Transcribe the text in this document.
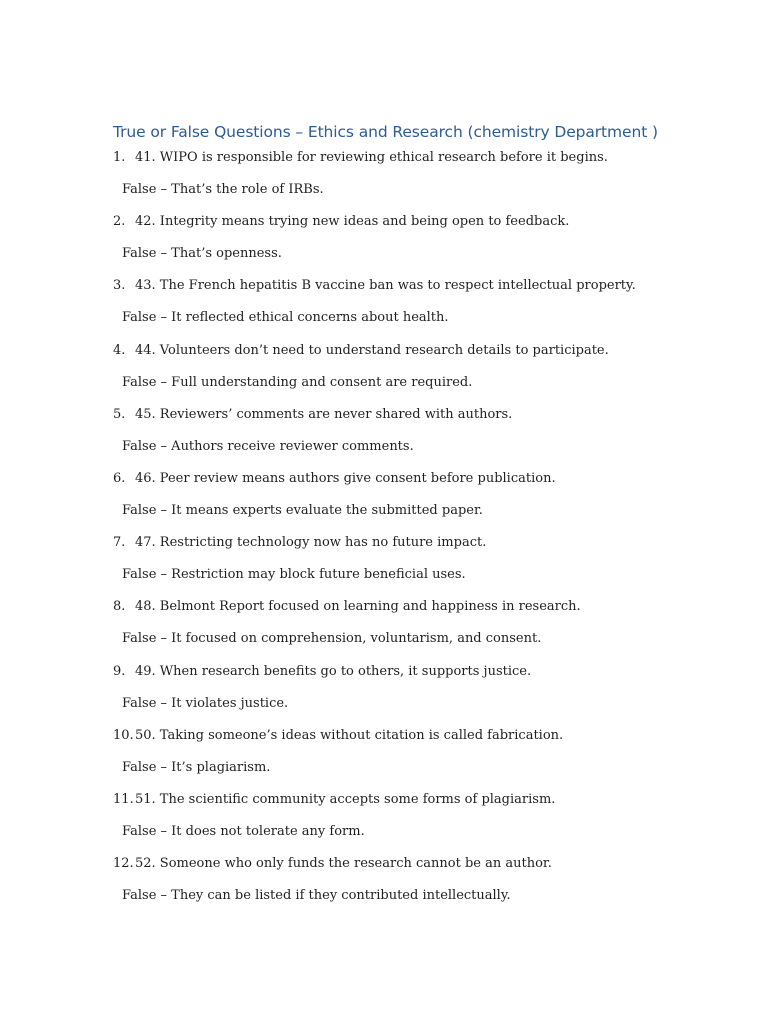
True or False Questions – Ethics and Research (chemistry Department )
1. 41. WIPO is responsible for reviewing ethical research before it begins.
False – That’s the role of IRBs.
2. 42. Integrity means trying new ideas and being open to feedback.
False – That’s openness.
3. 43. The French hepatitis B vaccine ban was to respect intellectual property.
False – It reflected ethical concerns about health.
4. 44. Volunteers don’t need to understand research details to participate.
False – Full understanding and consent are required.
5. 45. Reviewers’ comments are never shared with authors.
False – Authors receive reviewer comments.
6. 46. Peer review means authors give consent before publication.
False – It means experts evaluate the submitted paper.
7. 47. Restricting technology now has no future impact.
False – Restriction may block future beneficial uses.
8. 48. Belmont Report focused on learning and happiness in research.
False – It focused on comprehension, voluntarism, and consent.
9. 49. When research benefits go to others, it supports justice.
False – It violates justice.
10.50. Taking someone’s ideas without citation is called fabrication.
False – It’s plagiarism.
11.51. The scientific community accepts some forms of plagiarism.
False – It does not tolerate any form.
12.52. Someone who only funds the research cannot be an author.
False – They can be listed if they contributed intellectually.
